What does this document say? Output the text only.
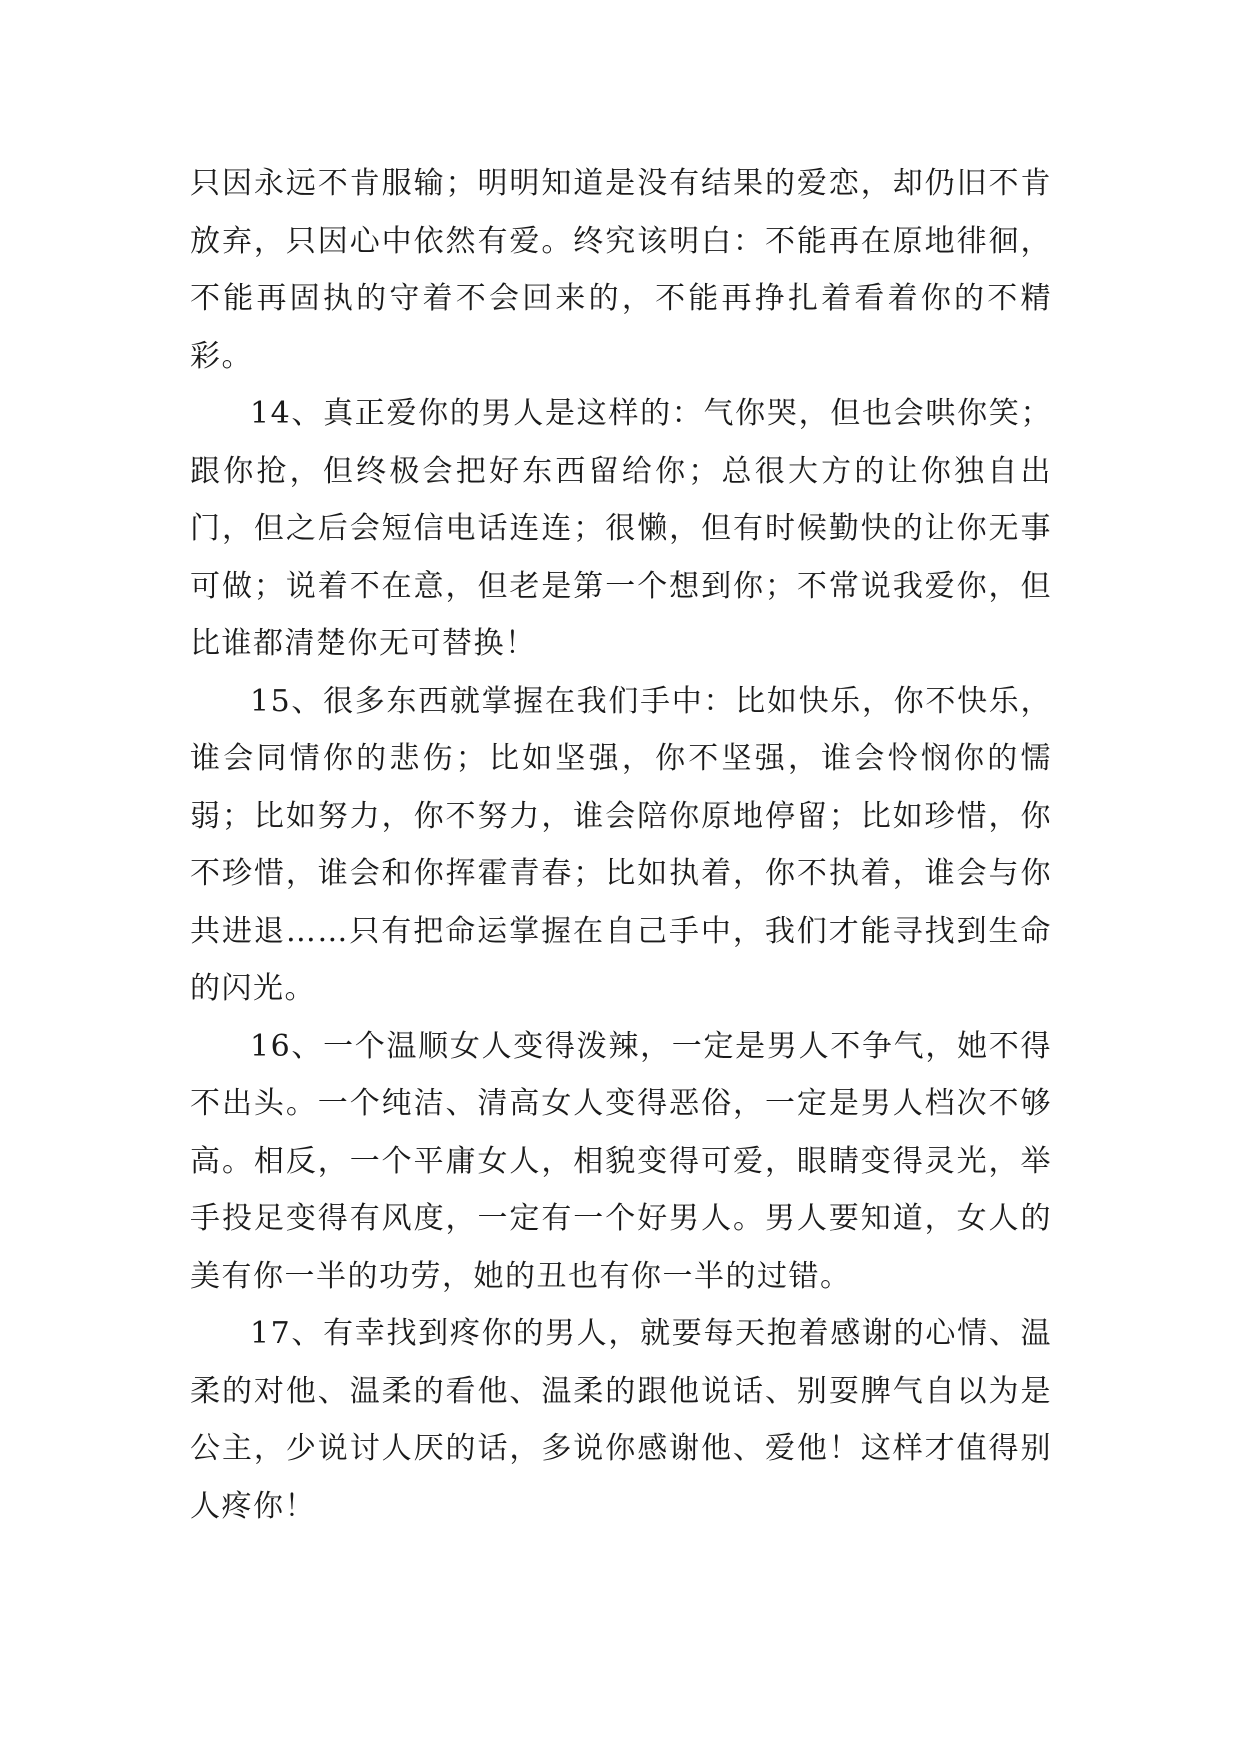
只因永远不肯服输；明明知道是没有结果的爱恋，却仍旧不肯放弃，只因心中依然有爱。终究该明白：不能再在原地徘徊，不能再固执的守着不会回来的，不能再挣扎着看着你的不精彩。

14、真正爱你的男人是这样的：气你哭，但也会哄你笑；跟你抢，但终极会把好东西留给你；总很大方的让你独自出门，但之后会短信电话连连；很懒，但有时候勤快的让你无事可做；说着不在意，但老是第一个想到你；不常说我爱你，但比谁都清楚你无可替换！

15、很多东西就掌握在我们手中：比如快乐，你不快乐，谁会同情你的悲伤；比如坚强，你不坚强，谁会怜悯你的懦弱；比如努力，你不努力，谁会陪你原地停留；比如珍惜，你不珍惜，谁会和你挥霍青春；比如执着，你不执着，谁会与你共进退……只有把命运掌握在自己手中，我们才能寻找到生命的闪光。

16、一个温顺女人变得泼辣，一定是男人不争气，她不得不出头。一个纯洁、清高女人变得恶俗，一定是男人档次不够高。相反，一个平庸女人，相貌变得可爱，眼睛变得灵光，举手投足变得有风度，一定有一个好男人。男人要知道，女人的美有你一半的功劳，她的丑也有你一半的过错。

17、有幸找到疼你的男人，就要每天抱着感谢的心情、温柔的对他、温柔的看他、温柔的跟他说话、别耍脾气自以为是公主，少说讨人厌的话，多说你感谢他、爱他！这样才值得别人疼你！
